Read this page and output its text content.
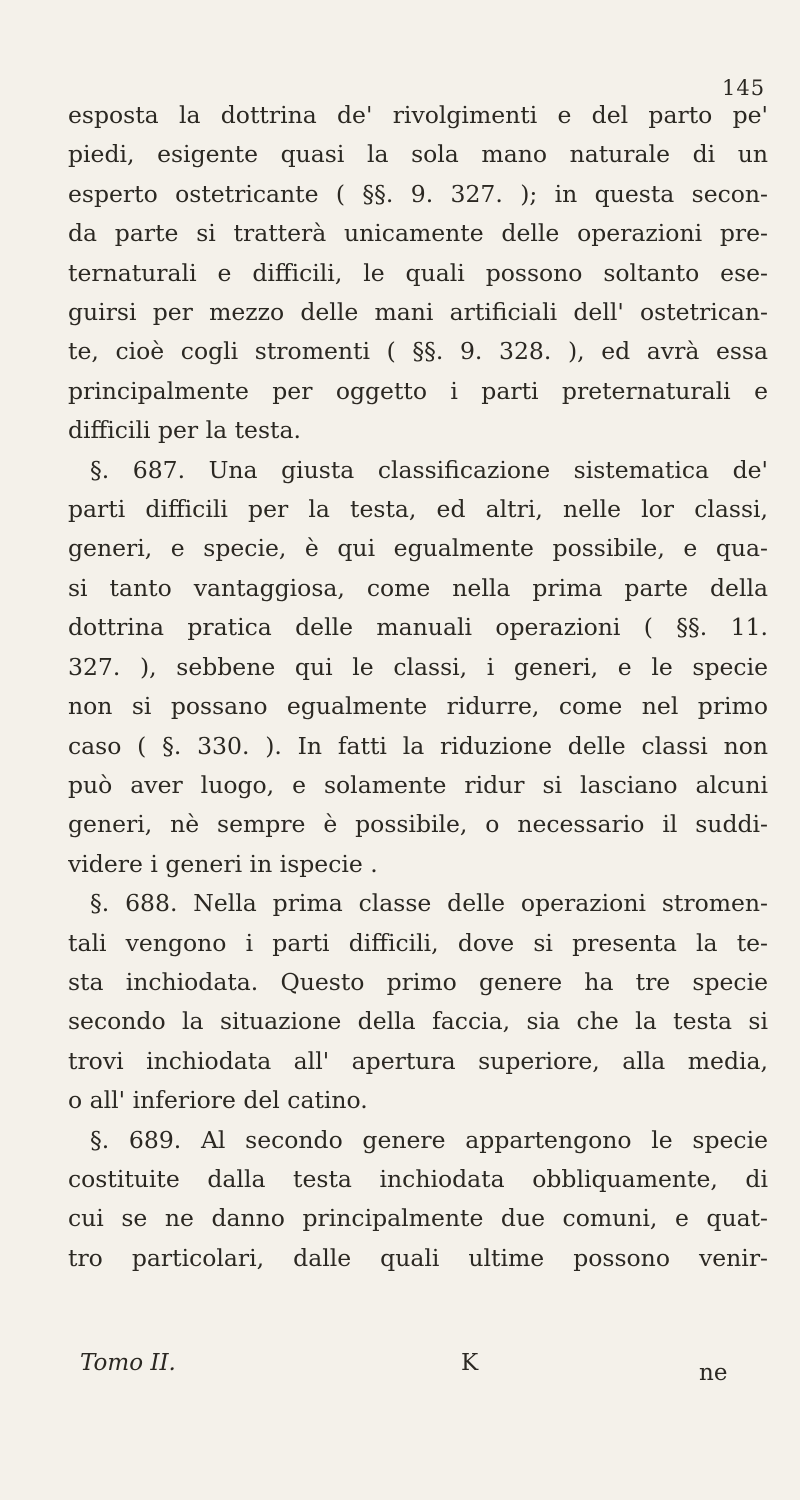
145
esposta la dottrina de' rivolgimenti e del parto pe'
piedi, esigente quasi la sola mano naturale di un
esperto ostetricante ( §§. 9. 327. ); in questa secon-
da parte si tratterà unicamente delle operazioni pre-
ternaturali e difficili, le quali possono soltanto ese-
guirsi per mezzo delle mani artificiali dell' ostetrican-
te, cioè cogli stromenti ( §§. 9. 328. ), ed avrà essa
principalmente per oggetto i parti preternaturali e
difficili per la testa.
§. 687. Una giusta classificazione sistematica de'
parti difficili per la testa, ed altri, nelle lor classi,
generi, e specie, è qui egualmente possibile, e qua-
si tanto vantaggiosa, come nella prima parte della
dottrina pratica delle manuali operazioni ( §§. 11.
327. ), sebbene qui le classi, i generi, e le specie
non si possano egualmente ridurre, come nel primo
caso ( §. 330. ). In fatti la riduzione delle classi non
può aver luogo, e solamente ridur si lasciano alcuni
generi, nè sempre è possibile, o necessario il suddi-
videre i generi in ispecie .
§. 688. Nella prima classe delle operazioni stromen-
tali vengono i parti difficili, dove si presenta la te-
sta inchiodata. Questo primo genere ha tre specie
secondo la situazione della faccia, sia che la testa si
trovi inchiodata all' apertura superiore, alla media,
o all' inferiore del catino.
§. 689. Al secondo genere appartengono le specie
costituite dalla testa inchiodata obbliquamente, di
cui se ne danno principalmente due comuni, e quat-
tro particolari, dalle quali ultime possono venir-
Tomo II.	K	ne
